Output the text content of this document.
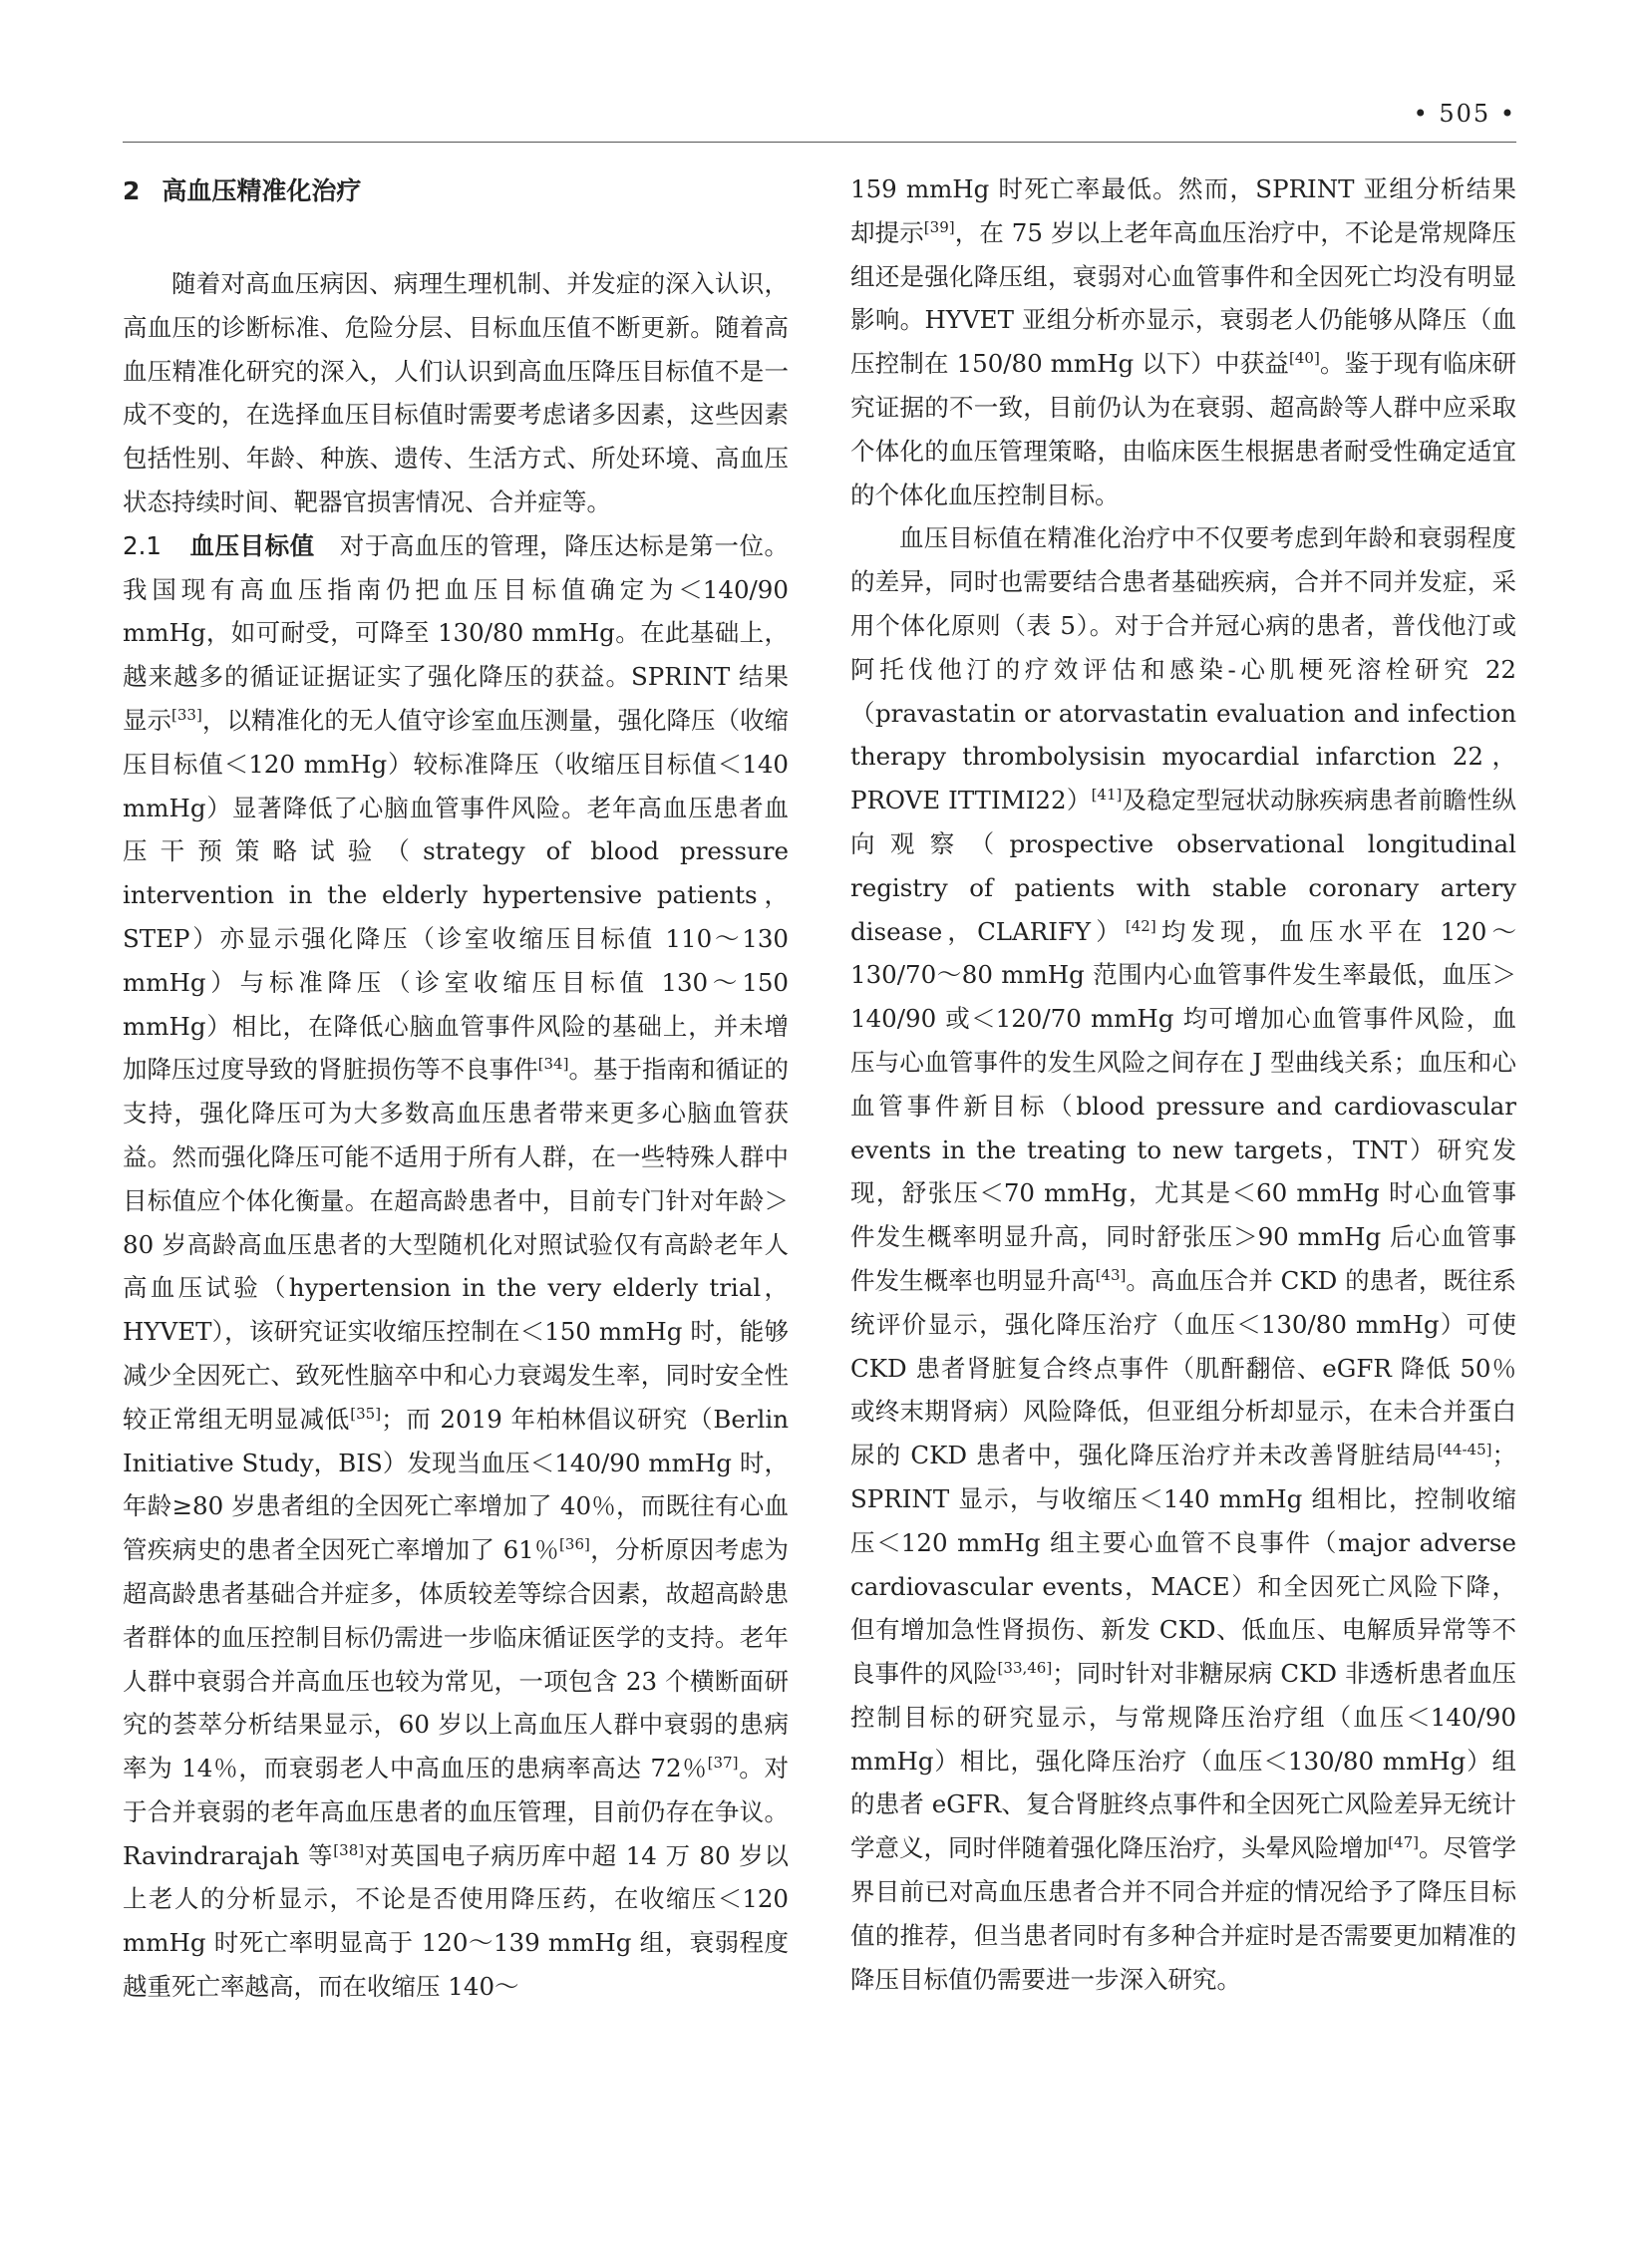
• 505 •
2 高血压精准化治疗

随着对高血压病因、病理生理机制、并发症的深入认识，高血压的诊断标准、危险分层、目标血压值不断更新。随着高血压精准化研究的深入，人们认识到高血压降压目标值不是一成不变的，在选择血压目标值时需要考虑诸多因素，这些因素包括性别、年龄、种族、遗传、生活方式、所处环境、高血压状态持续时间、靶器官损害情况、合并症等。

2.1 血压目标值  对于高血压的管理，降压达标是第一位。我国现有高血压指南仍把血压目标值确定为＜140/90 mmHg，如可耐受，可降至 130/80 mmHg。在此基础上，越来越多的循证证据证实了强化降压的获益。SPRINT 结果显示[33]，以精准化的无人值守诊室血压测量，强化降压（收缩压目标值＜120 mmHg）较标准降压（收缩压目标值＜140 mmHg）显著降低了心脑血管事件风险。老年高血压患者血压干预策略试验（strategy of blood pressure intervention in the elderly hypertensive patients，STEP）亦显示强化降压（诊室收缩压目标值 110～130 mmHg）与标准降压（诊室收缩压目标值 130～150 mmHg）相比，在降低心脑血管事件风险的基础上，并未增加降压过度导致的肾脏损伤等不良事件[34]。基于指南和循证的支持，强化降压可为大多数高血压患者带来更多心脑血管获益。然而强化降压可能不适用于所有人群，在一些特殊人群中目标值应个体化衡量。在超高龄患者中，目前专门针对年龄＞80 岁高龄高血压患者的大型随机化对照试验仅有高龄老年人高血压试验（hypertension in the very elderly trial，HYVET），该研究证实收缩压控制在＜150 mmHg 时，能够减少全因死亡、致死性脑卒中和心力衰竭发生率，同时安全性较正常组无明显减低[35]；而 2019 年柏林倡议研究（Berlin Initiative Study，BIS）发现当血压＜140/90 mmHg 时，年龄≥80 岁患者组的全因死亡率增加了 40％，而既往有心血管疾病史的患者全因死亡率增加了 61％[36]，分析原因考虑为超高龄患者基础合并症多，体质较差等综合因素，故超高龄患者群体的血压控制目标仍需进一步临床循证医学的支持。老年人群中衰弱合并高血压也较为常见，一项包含 23 个横断面研究的荟萃分析结果显示，60 岁以上高血压人群中衰弱的患病率为 14％，而衰弱老人中高血压的患病率高达 72％[37]。对于合并衰弱的老年高血压患者的血压管理，目前仍存在争议。Ravindrarajah 等[38]对英国电子病历库中超 14 万 80 岁以上老人的分析显示，不论是否使用降压药，在收缩压＜120 mmHg 时死亡率明显高于 120～139 mmHg 组，衰弱程度越重死亡率越高，而在收缩压 140～

159 mmHg 时死亡率最低。然而，SPRINT 亚组分析结果却提示[39]，在 75 岁以上老年高血压治疗中，不论是常规降压组还是强化降压组，衰弱对心血管事件和全因死亡均没有明显影响。HYVET 亚组分析亦显示，衰弱老人仍能够从降压（血压控制在 150/80 mmHg 以下）中获益[40]。鉴于现有临床研究证据的不一致，目前仍认为在衰弱、超高龄等人群中应采取个体化的血压管理策略，由临床医生根据患者耐受性确定适宜的个体化血压控制目标。

血压目标值在精准化治疗中不仅要考虑到年龄和衰弱程度的差异，同时也需要结合患者基础疾病，合并不同并发症，采用个体化原则（表 5）。对于合并冠心病的患者，普伐他汀或阿托伐他汀的疗效评估和感染-心肌梗死溶栓研究 22（pravastatin or atorvastatin evaluation and infection therapy thrombolysisin myocardial infarction 22，PROVE ITTIMI22）[41]及稳定型冠状动脉疾病患者前瞻性纵向观察（prospective observational longitudinal registry of patients with stable coronary artery disease，CLARIFY）[42]均发现，血压水平在 120～130/70～80 mmHg 范围内心血管事件发生率最低，血压＞140/90 或＜120/70 mmHg 均可增加心血管事件风险，血压与心血管事件的发生风险之间存在 J 型曲线关系；血压和心血管事件新目标（blood pressure and cardiovascular events in the treating to new targets，TNT）研究发现，舒张压＜70 mmHg，尤其是＜60 mmHg 时心血管事件发生概率明显升高，同时舒张压＞90 mmHg 后心血管事件发生概率也明显升高[43]。高血压合并 CKD 的患者，既往系统评价显示，强化降压治疗（血压＜130/80 mmHg）可使 CKD 患者肾脏复合终点事件（肌酐翻倍、eGFR 降低 50％ 或终末期肾病）风险降低，但亚组分析却显示，在未合并蛋白尿的 CKD 患者中，强化降压治疗并未改善肾脏结局[44-45]；SPRINT 显示，与收缩压＜140 mmHg 组相比，控制收缩压＜120 mmHg 组主要心血管不良事件（major adverse cardiovascular events，MACE）和全因死亡风险下降，但有增加急性肾损伤、新发 CKD、低血压、电解质异常等不良事件的风险[33,46]；同时针对非糖尿病 CKD 非透析患者血压控制目标的研究显示，与常规降压治疗组（血压＜140/90 mmHg）相比，强化降压治疗（血压＜130/80 mmHg）组的患者 eGFR、复合肾脏终点事件和全因死亡风险差异无统计学意义，同时伴随着强化降压治疗，头晕风险增加[47]。尽管学界目前已对高血压患者合并不同合并症的情况给予了降压目标值的推荐，但当患者同时有多种合并症时是否需要更加精准的降压目标值仍需要进一步深入研究。
